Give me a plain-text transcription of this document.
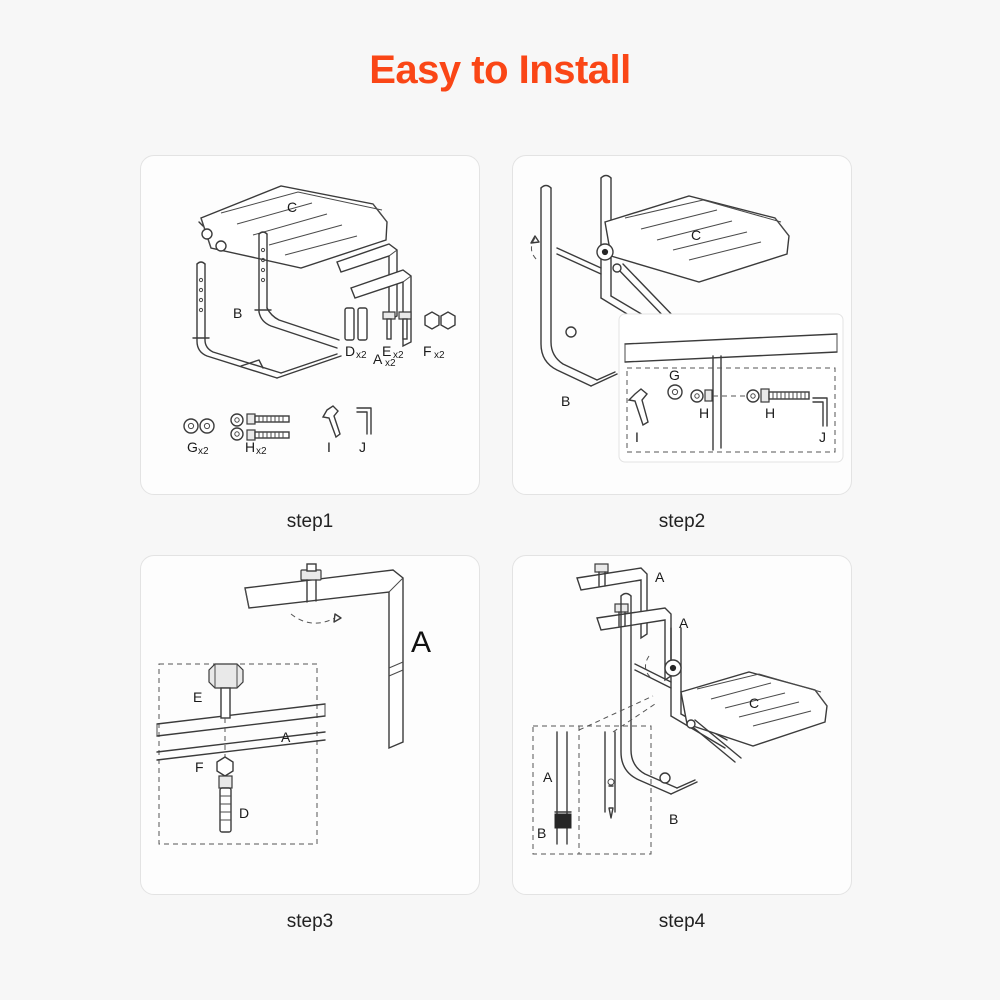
Easy to Install
C
B
A x2
D x2 E x2 F x2
G x2	H x2	I J
step1
C
B
G
H	H
I	J
step2
A
A
E
F
D
step3
A
A
C
A
B
B
step4
